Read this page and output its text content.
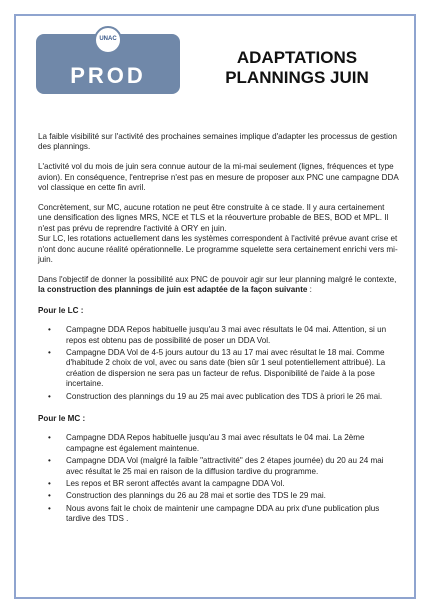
UNAC
PROD
ADAPTATIONS
PLANNINGS JUIN

La faible visibilité sur l'activité des prochaines semaines implique d'adapter les processus de gestion des plannings.

L'activité vol du mois de juin sera connue autour de la mi-mai seulement (lignes, fréquences et type avion). En conséquence, l'entreprise n'est pas en mesure de proposer aux PNC une campagne DDA vol classique en cette fin avril.

Concrètement, sur MC, aucune rotation ne peut être construite à ce stade. Il y aura certainement une densification des lignes MRS, NCE et TLS et la réouverture probable de BES, BOD et MPL. Il n'est pas prévu de reprendre l'activité à ORY en juin.
Sur LC, les rotations actuellement dans les systèmes correspondent à l'activité prévue avant crise et n'ont donc aucune réalité opérationnelle. Le programme squelette sera certainement enrichi vers mi-juin.

Dans l'objectif de donner la possibilité aux PNC de pouvoir agir sur leur planning malgré le contexte, la construction des plannings de juin est adaptée de la façon suivante :

Pour le LC :
• Campagne DDA Repos habituelle jusqu'au 3 mai avec résultats le 04 mai. Attention, si un repos est obtenu pas de possibilité de poser un DDA Vol.
• Campagne DDA Vol de 4-5 jours autour du 13 au 17 mai avec résultat le 18 mai. Comme d'habitude 2 choix de vol, avec ou sans date (bien sûr 1 seul potentiellement attribué). La création de dispersion ne sera pas un facteur de refus. Disponibilité de l'aide à la pose incertaine.
• Construction des plannings du 19 au 25 mai avec publication des TDS à priori le 26 mai.
Pour le MC :
• Campagne DDA Repos habituelle jusqu'au 3 mai avec résultats le 04 mai. La 2ème campagne est également maintenue.
• Campagne DDA Vol (malgré la faible "attractivité" des 2 étapes journée) du 20 au 24 mai avec résultat le 25 mai en raison de la diffusion tardive du programme.
• Les repos et BR seront affectés avant la campagne DDA Vol.
• Construction des plannings du 26 au 28 mai et sortie des TDS le 29 mai.
• Nous avons fait le choix de maintenir une campagne DDA au prix d'une publication plus tardive des TDS .
